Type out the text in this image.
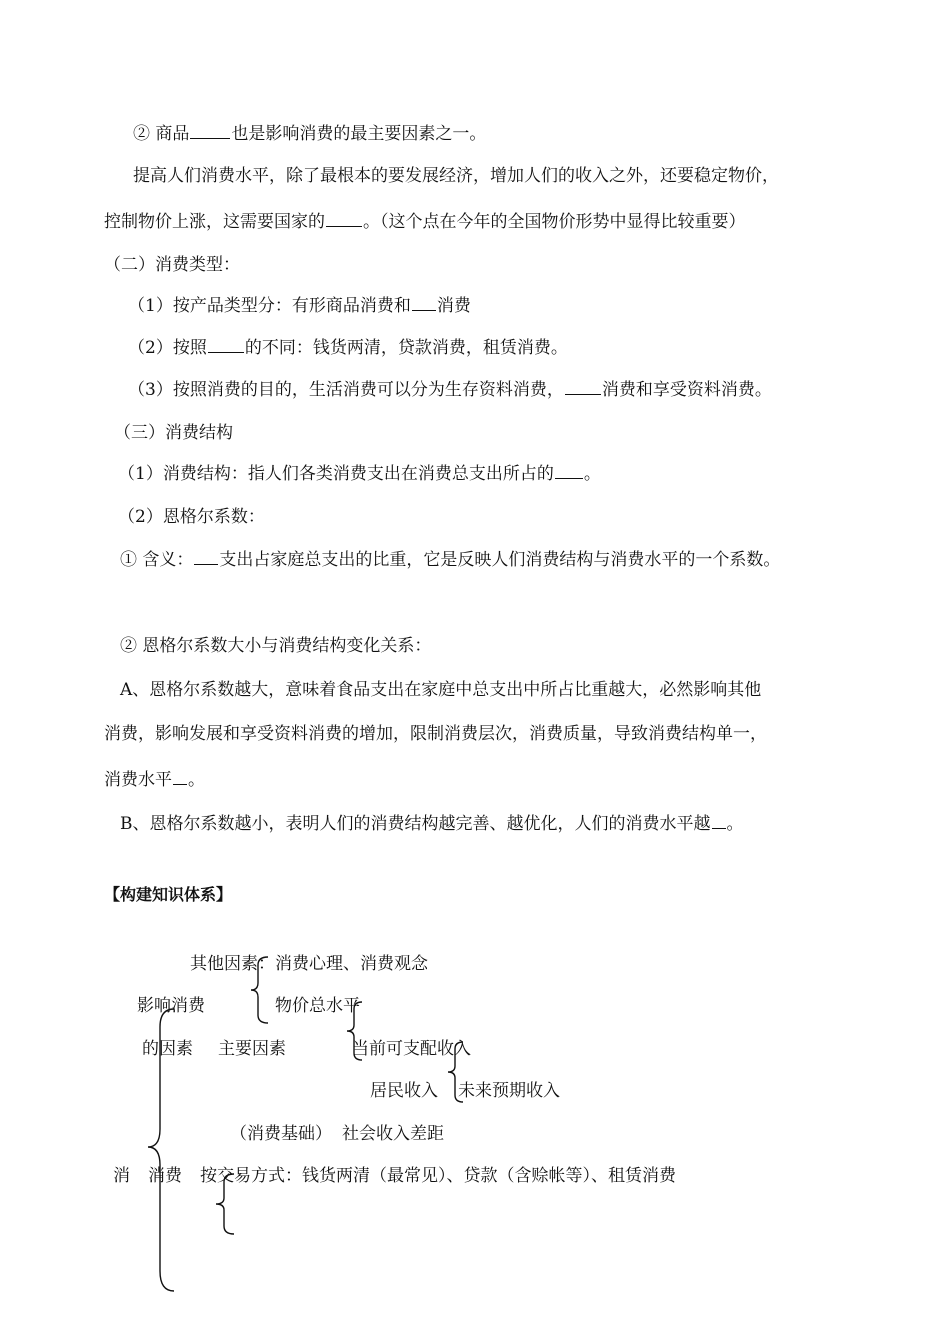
② 商品 也是影响消费的最主要因素之一。
提高人们消费水平，除了最根本的要发展经济，增加人们的收入之外，还要稳定物价，
控制物价上涨，这需要国家的 。（这个点在今年的全国物价形势中显得比较重要）
（二）消费类型：
（1）按产品类型分：有形商品消费和 消费
（2）按照 的不同：钱货两清，贷款消费，租赁消费。
（3）按照消费的目的，生活消费可以分为生存资料消费， 消费和享受资料消费。
（三）消费结构
（1）消费结构：指人们各类消费支出在消费总支出所占的 。
（2）恩格尔系数：
① 含义： 支出占家庭总支出的比重，它是反映人们消费结构与消费水平的一个系数。
② 恩格尔系数大小与消费结构变化关系：
A、恩格尔系数越大，意味着食品支出在家庭中总支出中所占比重越大，必然影响其他
消费，影响发展和享受资料消费的增加，限制消费层次，消费质量，导致消费结构单一，
消费水平 。
B、恩格尔系数越小，表明人们的消费结构越完善、越优化，人们的消费水平越 。
【构建知识体系】
其他因素：消费心理、消费观念
影响消费	物价总水平
的因素 主要因素	当前可支配收入
居民收入 未来预期收入
（消费基础） 社会收入差距
消 消费 按交易方式：钱货两清（最常见）、贷款（含赊帐等）、租赁消费
